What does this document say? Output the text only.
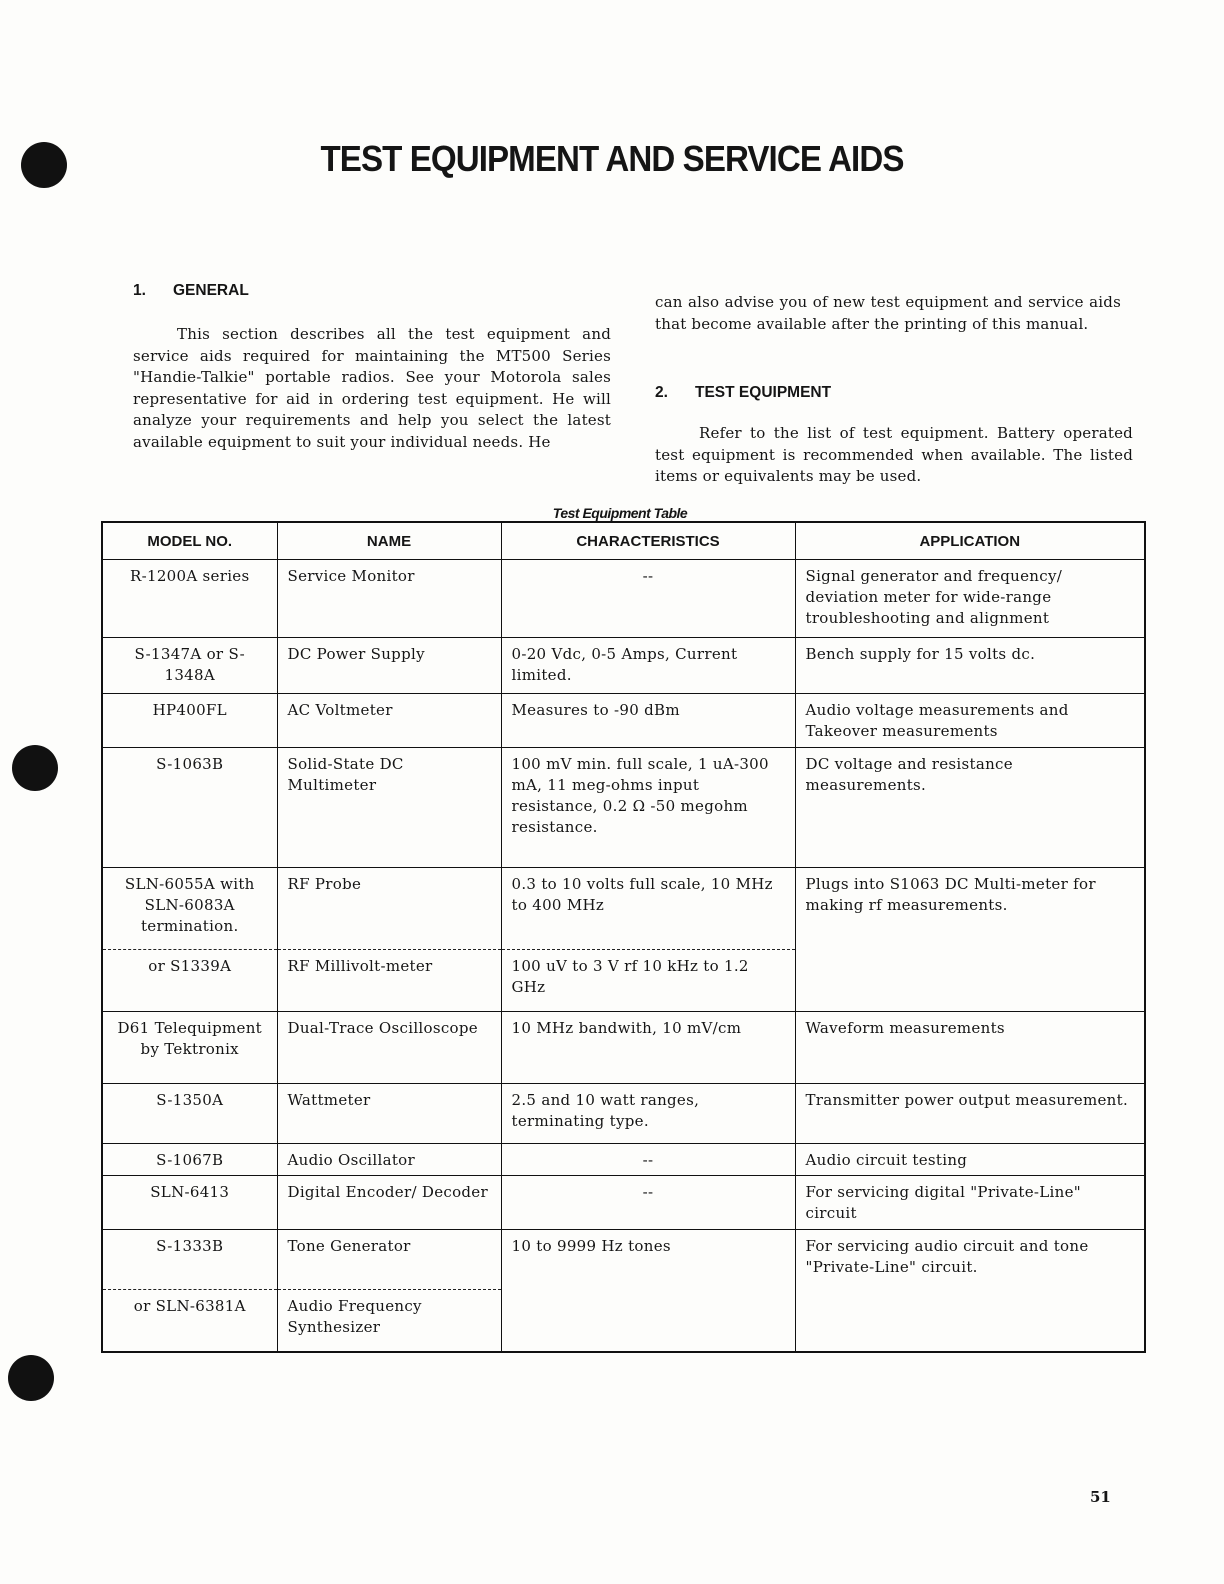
TEST EQUIPMENT AND SERVICE AIDS
1. GENERAL
This section describes all the test equipment and service aids required for maintaining the MT500 Series "Handie-Talkie" portable radios. See your Motorola sales representative for aid in ordering test equipment. He will analyze your requirements and help you select the latest available equipment to suit your individual needs. He
can also advise you of new test equipment and service aids that become available after the printing of this manual.
2. TEST EQUIPMENT
Refer to the list of test equipment. Battery operated test equipment is recommended when available. The listed items or equivalents may be used.
Test Equipment Table
MODEL NO.	NAME	CHARACTERISTICS	APPLICATION
R-1200A series	Service Monitor	--	Signal generator and frequency/ deviation meter for wide-range troubleshooting and alignment
S-1347A or S-1348A	DC Power Supply	0-20 Vdc, 0-5 Amps, Current limited.	Bench supply for 15 volts dc.
HP400FL	AC Voltmeter	Measures to -90 dBm	Audio voltage measurements and Takeover measurements
S-1063B	Solid-State DC Multimeter	100 mV min. full scale, 1 uA-300 mA, 11 meg-ohms input resistance, 0.2 Ω -50 megohm resistance.	DC voltage and resistance measurements.
SLN-6055A with SLN-6083A termination.	RF Probe	0.3 to 10 volts full scale, 10 MHz to 400 MHz	Plugs into S1063 DC Multi-meter for making rf measurements.
or S1339A	RF Millivolt-meter	100 uV to 3 V rf 10 kHz to 1.2 GHz	
D61 Telequipment by Tektronix	Dual-Trace Oscilloscope	10 MHz bandwith, 10 mV/cm	Waveform measurements
S-1350A	Wattmeter	2.5 and 10 watt ranges, terminating type.	Transmitter power output measurement.
S-1067B	Audio Oscillator	--	Audio circuit testing
SLN-6413	Digital Encoder/ Decoder	--	For servicing digital "Private-Line" circuit
S-1333B	Tone Generator	10 to 9999 Hz tones	For servicing audio circuit and tone "Private-Line" circuit.
or SLN-6381A	Audio Frequency Synthesizer		
51
